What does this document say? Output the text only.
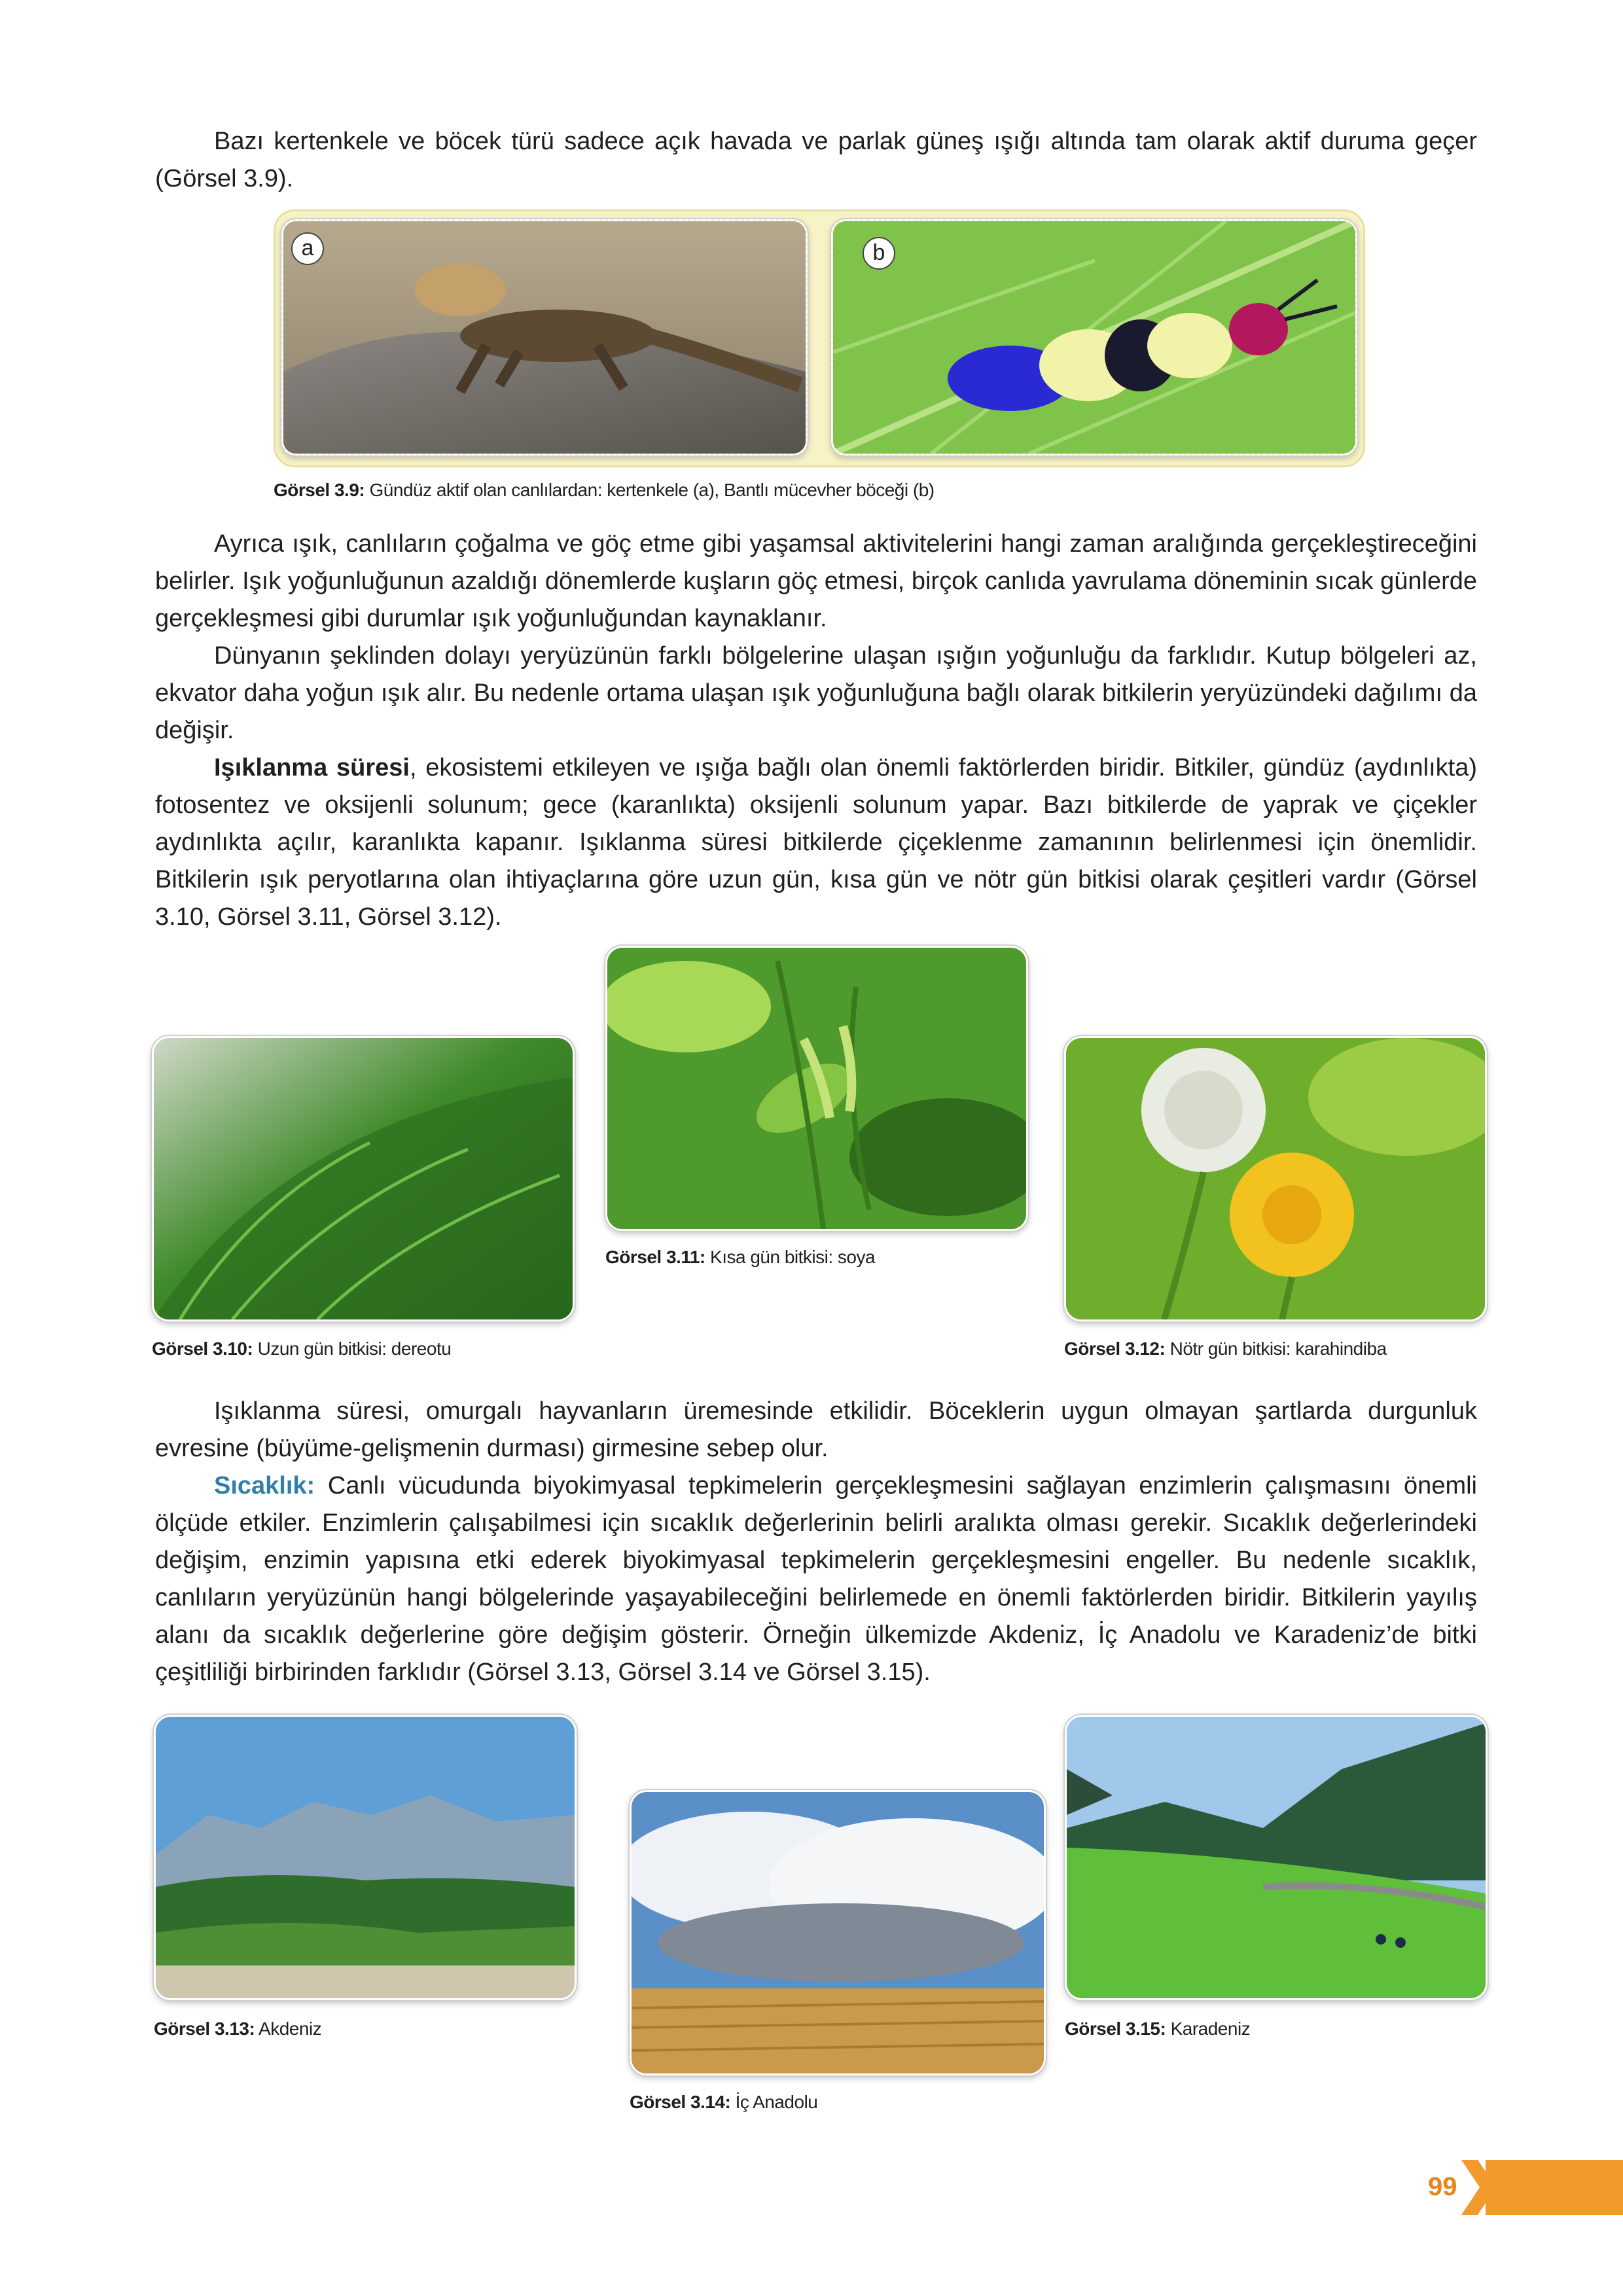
Bazı kertenkele ve böcek türü sadece açık havada ve parlak güneş ışığı altında tam olarak aktif duruma geçer (Görsel 3.9).

a	b
Görsel 3.9: Gündüz aktif olan canlılardan: kertenkele (a), Bantlı mücevher böceği (b)

Ayrıca ışık, canlıların çoğalma ve göç etme gibi yaşamsal aktivitelerini hangi zaman aralığında gerçekleştireceğini belirler. Işık yoğunluğunun azaldığı dönemlerde kuşların göç etmesi, birçok canlıda yavrulama döneminin sıcak günlerde gerçekleşmesi gibi durumlar ışık yoğunluğundan kaynaklanır.

Dünyanın şeklinden dolayı yeryüzünün farklı bölgelerine ulaşan ışığın yoğunluğu da farklıdır. Kutup bölgeleri az, ekvator daha yoğun ışık alır. Bu nedenle ortama ulaşan ışık yoğunluğuna bağlı olarak bitkilerin yeryüzündeki dağılımı da değişir.

Işıklanma süresi, ekosistemi etkileyen ve ışığa bağlı olan önemli faktörlerden biridir. Bitkiler, gündüz (aydınlıkta) fotosentez ve oksijenli solunum; gece (karanlıkta) oksijenli solunum yapar. Bazı bitkilerde de yaprak ve çiçekler aydınlıkta açılır, karanlıkta kapanır. Işıklanma süresi bitkilerde çiçeklenme zamanının belirlenmesi için önemlidir. Bitkilerin ışık peryotlarına olan ihtiyaçlarına göre uzun gün, kısa gün ve nötr gün bitkisi olarak çeşitleri vardır (Görsel 3.10, Görsel 3.11, Görsel 3.12).

Görsel 3.10: Uzun gün bitkisi: dereotu
Görsel 3.11: Kısa gün bitkisi: soya
Görsel 3.12: Nötr gün bitkisi: karahindiba

Işıklanma süresi, omurgalı hayvanların üremesinde etkilidir. Böceklerin uygun olmayan şartlarda durgunluk evresine (büyüme-gelişmenin durması) girmesine sebep olur.

Sıcaklık: Canlı vücudunda biyokimyasal tepkimelerin gerçekleşmesini sağlayan enzimlerin çalışmasını önemli ölçüde etkiler. Enzimlerin çalışabilmesi için sıcaklık değerlerinin belirli aralıkta olması gerekir. Sıcaklık değerlerindeki değişim, enzimin yapısına etki ederek biyokimyasal tepkimelerin gerçekleşmesini engeller. Bu nedenle sıcaklık, canlıların yeryüzünün hangi bölgelerinde yaşayabileceğini belirlemede en önemli faktörlerden biridir. Bitkilerin yayılış alanı da sıcaklık değerlerine göre değişim gösterir. Örneğin ülkemizde Akdeniz, İç Anadolu ve Karadeniz’de bitki çeşitliliği birbirinden farklıdır (Görsel 3.13, Görsel 3.14 ve Görsel 3.15).

Görsel 3.13: Akdeniz
Görsel 3.14: İç Anadolu
Görsel 3.15: Karadeniz
99
